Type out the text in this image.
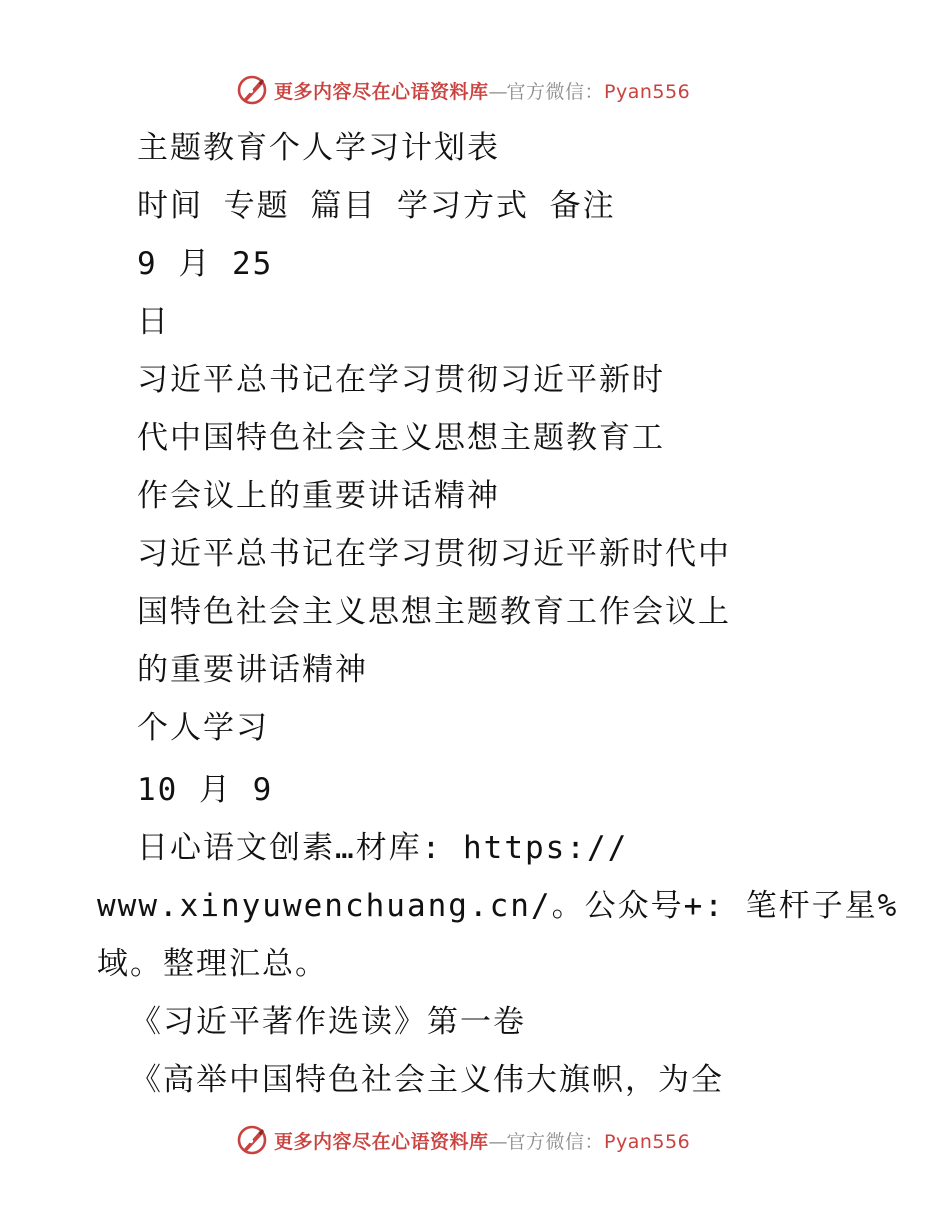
更多内容尽在心语资料库—官方微信：Pyan556
主题教育个人学习计划表
时间 专题 篇目 学习方式 备注
9 月 25
日
习近平总书记在学习贯彻习近平新时
代中国特色社会主义思想主题教育工
作会议上的重要讲话精神
习近平总书记在学习贯彻习近平新时代中
国特色社会主义思想主题教育工作会议上
的重要讲话精神
个人学习
10 月 9
日心语文创素…材库: https://
www.xinyuwenchuang.cn/。公众号+: 笔杆子星%
域。整理汇总。
《习近平著作选读》第一卷
《高举中国特色社会主义伟大旗帜，为全
更多内容尽在心语资料库—官方微信：Pyan556
